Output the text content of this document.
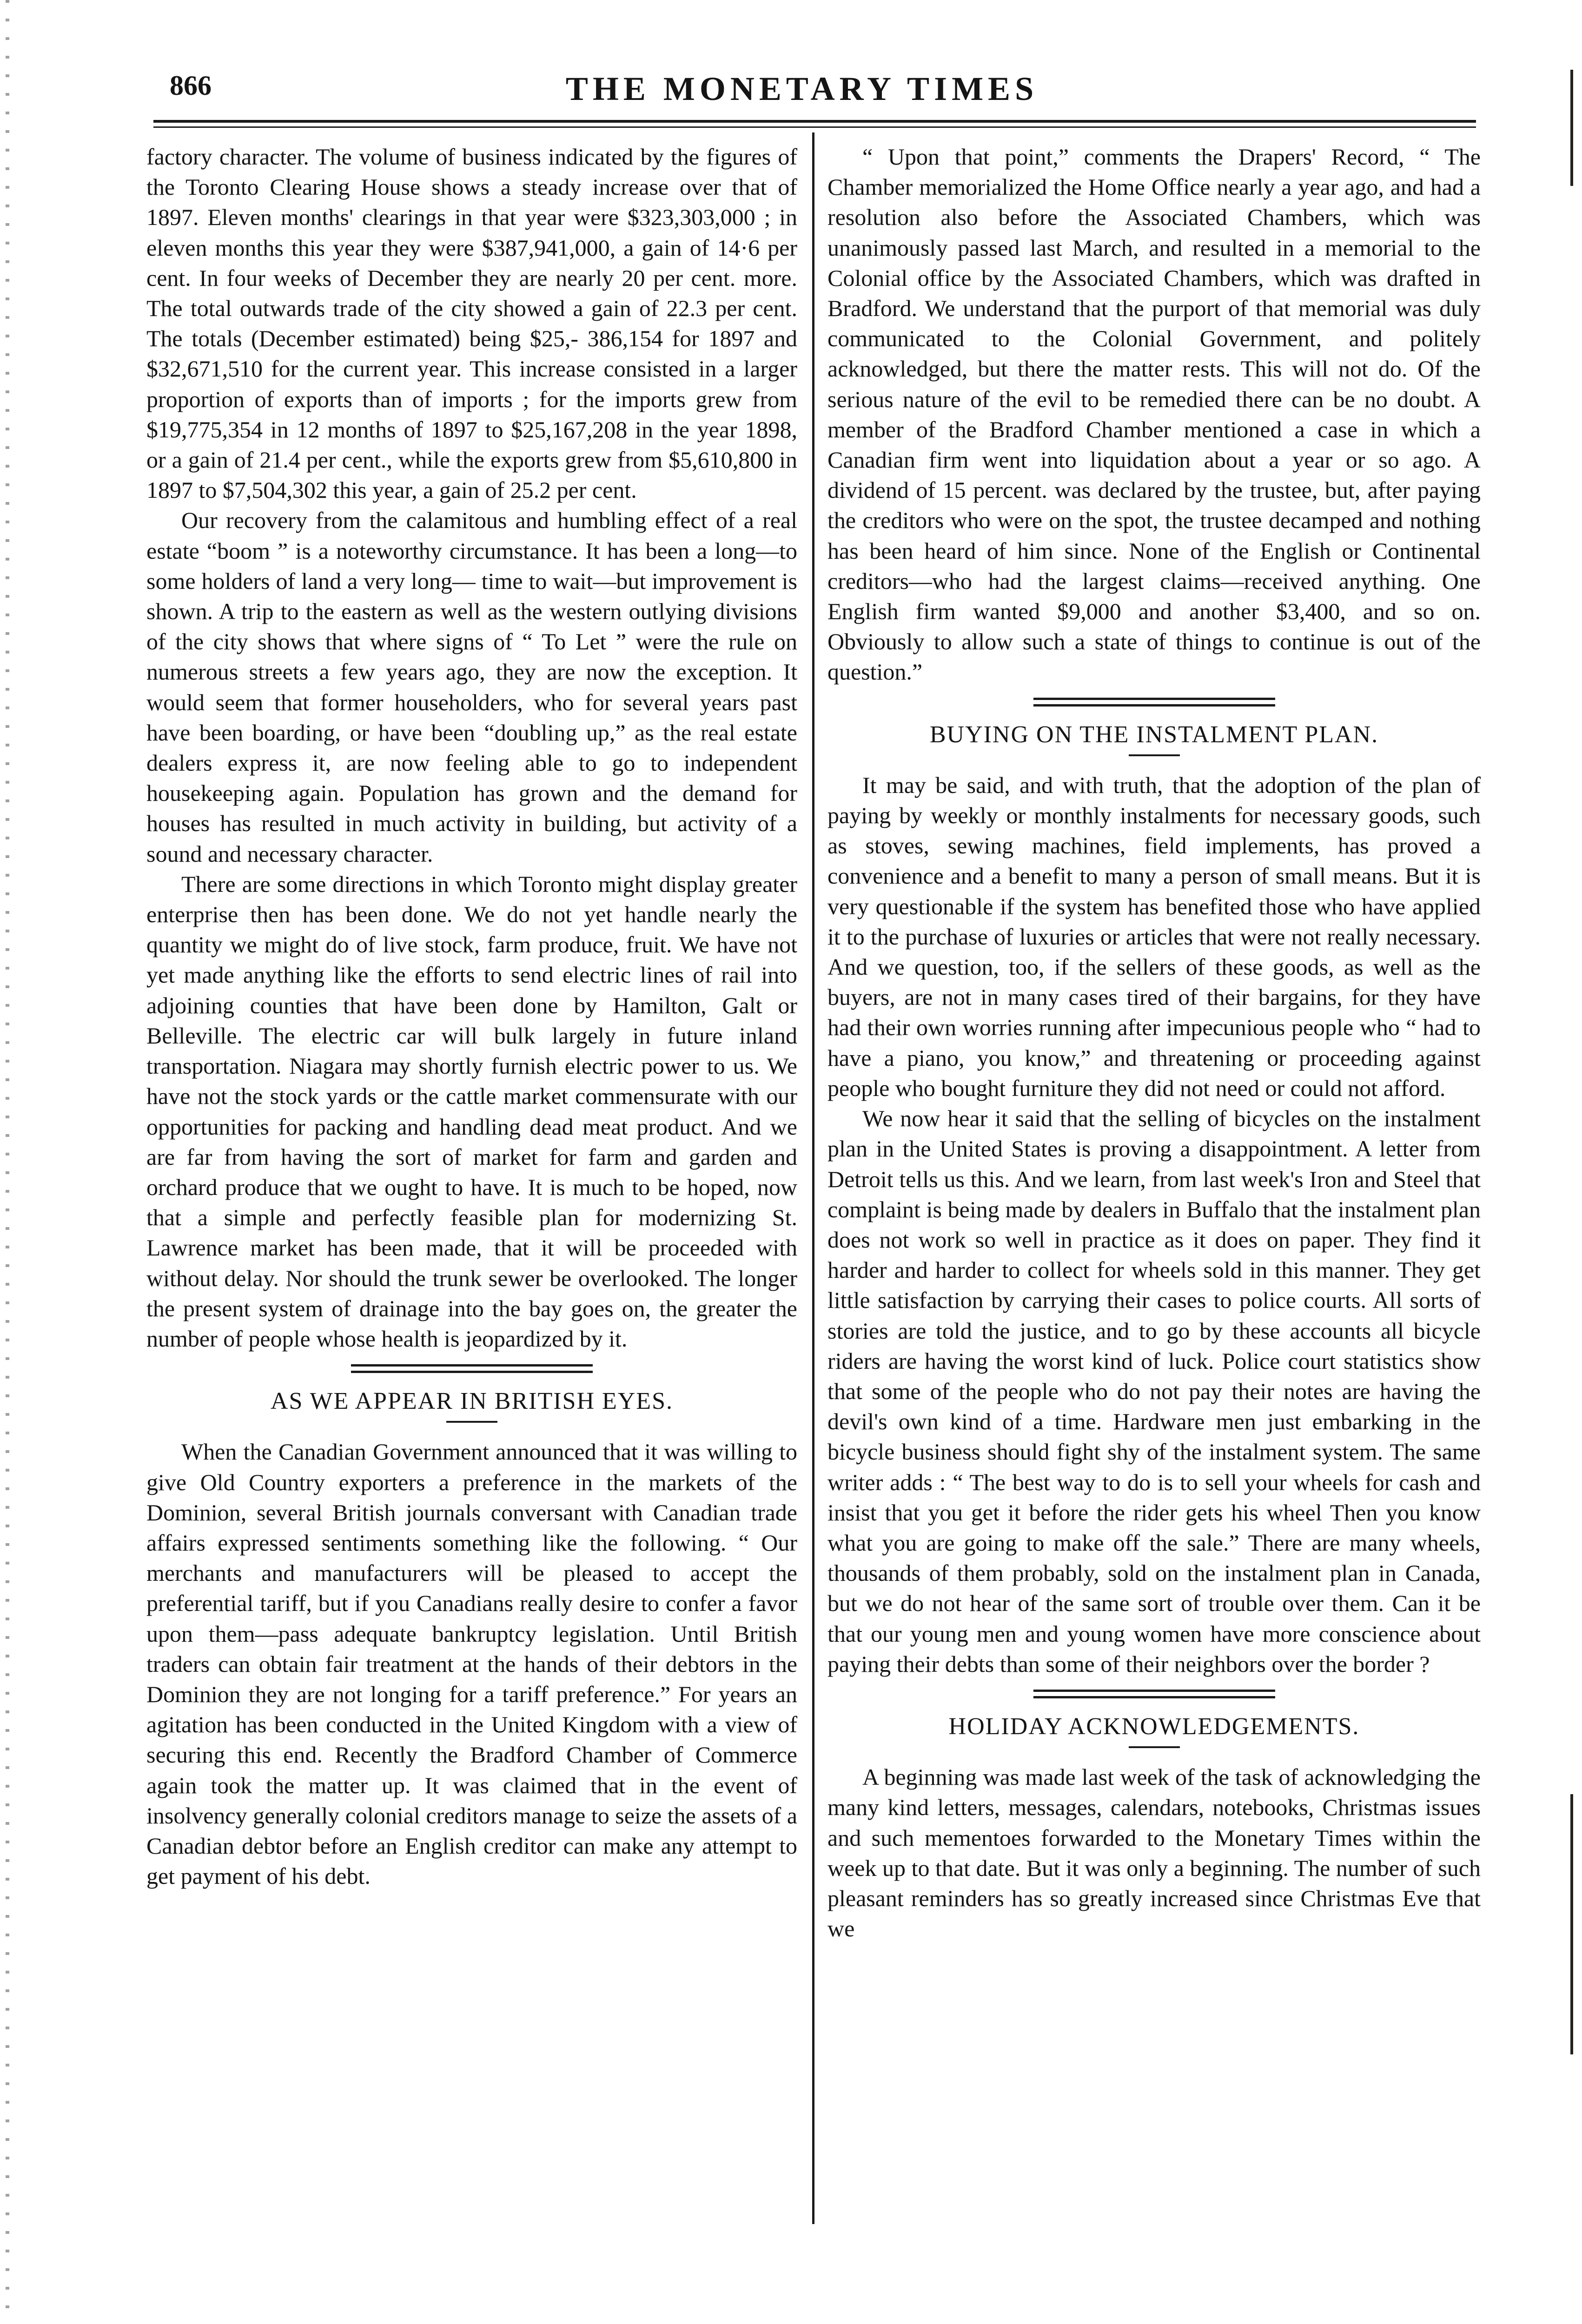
866	THE MONETARY TIMES

factory character. The volume of business indicated by the figures of the Toronto Clearing House shows a steady increase over that of 1897. Eleven months' clearings in that year were $323,303,000 ; in eleven months this year they were $387,941,000, a gain of 14·6 per cent. In four weeks of December they are nearly 20 per cent. more. The total outwards trade of the city showed a gain of 22.3 per cent. The totals (December estimated) being $25,- 386,154 for 1897 and $32,671,510 for the current year. This increase consisted in a larger proportion of exports than of imports ; for the imports grew from $19,775,354 in 12 months of 1897 to $25,167,208 in the year 1898, or a gain of 21.4 per cent., while the exports grew from $5,610,800 in 1897 to $7,504,302 this year, a gain of 25.2 per cent.

Our recovery from the calamitous and humbling effect of a real estate “boom ” is a noteworthy circumstance. It has been a long—to some holders of land a very long— time to wait—but improvement is shown. A trip to the eastern as well as the western outlying divisions of the city shows that where signs of “ To Let ” were the rule on numerous streets a few years ago, they are now the exception. It would seem that former householders, who for several years past have been boarding, or have been “doubling up,” as the real estate dealers express it, are now feeling able to go to independent housekeeping again. Population has grown and the demand for houses has resulted in much activity in building, but activity of a sound and necessary character.

There are some directions in which Toronto might display greater enterprise then has been done. We do not yet handle nearly the quantity we might do of live stock, farm produce, fruit. We have not yet made anything like the efforts to send electric lines of rail into adjoining counties that have been done by Hamilton, Galt or Belleville. The electric car will bulk largely in future inland transportation. Niagara may shortly furnish electric power to us. We have not the stock yards or the cattle market commensurate with our opportunities for packing and handling dead meat product. And we are far from having the sort of market for farm and garden and orchard produce that we ought to have. It is much to be hoped, now that a simple and perfectly feasible plan for modernizing St. Lawrence market has been made, that it will be proceeded with without delay. Nor should the trunk sewer be overlooked. The longer the present system of drainage into the bay goes on, the greater the number of people whose health is jeopardized by it.

AS WE APPEAR IN BRITISH EYES.

When the Canadian Government announced that it was willing to give Old Country exporters a preference in the markets of the Dominion, several British journals conversant with Canadian trade affairs expressed sentiments something like the following. “ Our merchants and manufacturers will be pleased to accept the preferential tariff, but if you Canadians really desire to confer a favor upon them—pass adequate bankruptcy legislation. Until British traders can obtain fair treatment at the hands of their debtors in the Dominion they are not longing for a tariff preference.” For years an agitation has been conducted in the United Kingdom with a view of securing this end. Recently the Bradford Chamber of Commerce again took the matter up. It was claimed that in the event of insolvency generally colonial creditors manage to seize the assets of a Canadian debtor before an English creditor can make any attempt to get payment of his debt.

“ Upon that point,” comments the Drapers' Record, “ The Chamber memorialized the Home Office nearly a year ago, and had a resolution also before the Associated Chambers, which was unanimously passed last March, and resulted in a memorial to the Colonial office by the Associated Chambers, which was drafted in Bradford. We understand that the purport of that memorial was duly communicated to the Colonial Government, and politely acknowledged, but there the matter rests. This will not do. Of the serious nature of the evil to be remedied there can be no doubt. A member of the Bradford Chamber mentioned a case in which a Canadian firm went into liquidation about a year or so ago. A dividend of 15 percent. was declared by the trustee, but, after paying the creditors who were on the spot, the trustee decamped and nothing has been heard of him since. None of the English or Continental creditors—who had the largest claims—received anything. One English firm wanted $9,000 and another $3,400, and so on. Obviously to allow such a state of things to continue is out of the question.”

BUYING ON THE INSTALMENT PLAN.

It may be said, and with truth, that the adoption of the plan of paying by weekly or monthly instalments for necessary goods, such as stoves, sewing machines, field implements, has proved a convenience and a benefit to many a person of small means. But it is very questionable if the system has benefited those who have applied it to the purchase of luxuries or articles that were not really necessary. And we question, too, if the sellers of these goods, as well as the buyers, are not in many cases tired of their bargains, for they have had their own worries running after impecunious people who “ had to have a piano, you know,” and threatening or proceeding against people who bought furniture they did not need or could not afford.

We now hear it said that the selling of bicycles on the instalment plan in the United States is proving a disappointment. A letter from Detroit tells us this. And we learn, from last week's Iron and Steel that complaint is being made by dealers in Buffalo that the instalment plan does not work so well in practice as it does on paper. They find it harder and harder to collect for wheels sold in this manner. They get little satisfaction by carrying their cases to police courts. All sorts of stories are told the justice, and to go by these accounts all bicycle riders are having the worst kind of luck. Police court statistics show that some of the people who do not pay their notes are having the devil's own kind of a time. Hardware men just embarking in the bicycle business should fight shy of the instalment system. The same writer adds : “ The best way to do is to sell your wheels for cash and insist that you get it before the rider gets his wheel Then you know what you are going to make off the sale.” There are many wheels, thousands of them probably, sold on the instalment plan in Canada, but we do not hear of the same sort of trouble over them. Can it be that our young men and young women have more conscience about paying their debts than some of their neighbors over the border ?

HOLIDAY ACKNOWLEDGEMENTS.

A beginning was made last week of the task of acknowledging the many kind letters, messages, calendars, notebooks, Christmas issues and such mementoes forwarded to the Monetary Times within the week up to that date. But it was only a beginning. The number of such pleasant reminders has so greatly increased since Christmas Eve that we
